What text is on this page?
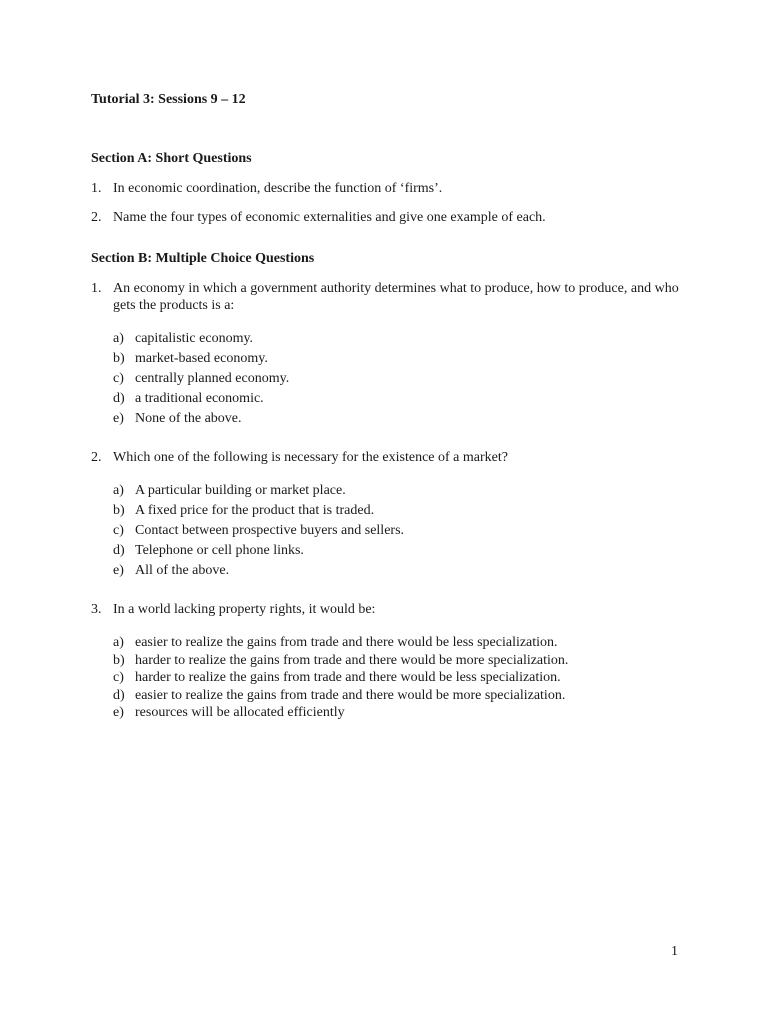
Tutorial 3: Sessions 9 – 12
Section A: Short Questions
1. In economic coordination, describe the function of ‘firms’.
2. Name the four types of economic externalities and give one example of each.
Section B: Multiple Choice Questions
1. An economy in which a government authority determines what to produce, how to produce, and who gets the products is a:
a) capitalistic economy.
b) market-based economy.
c) centrally planned economy.
d) a traditional economic.
e) None of the above.
2. Which one of the following is necessary for the existence of a market?
a) A particular building or market place.
b) A fixed price for the product that is traded.
c) Contact between prospective buyers and sellers.
d) Telephone or cell phone links.
e) All of the above.
3. In a world lacking property rights, it would be:
a) easier to realize the gains from trade and there would be less specialization.
b) harder to realize the gains from trade and there would be more specialization.
c) harder to realize the gains from trade and there would be less specialization.
d) easier to realize the gains from trade and there would be more specialization.
e) resources will be allocated efficiently
1
